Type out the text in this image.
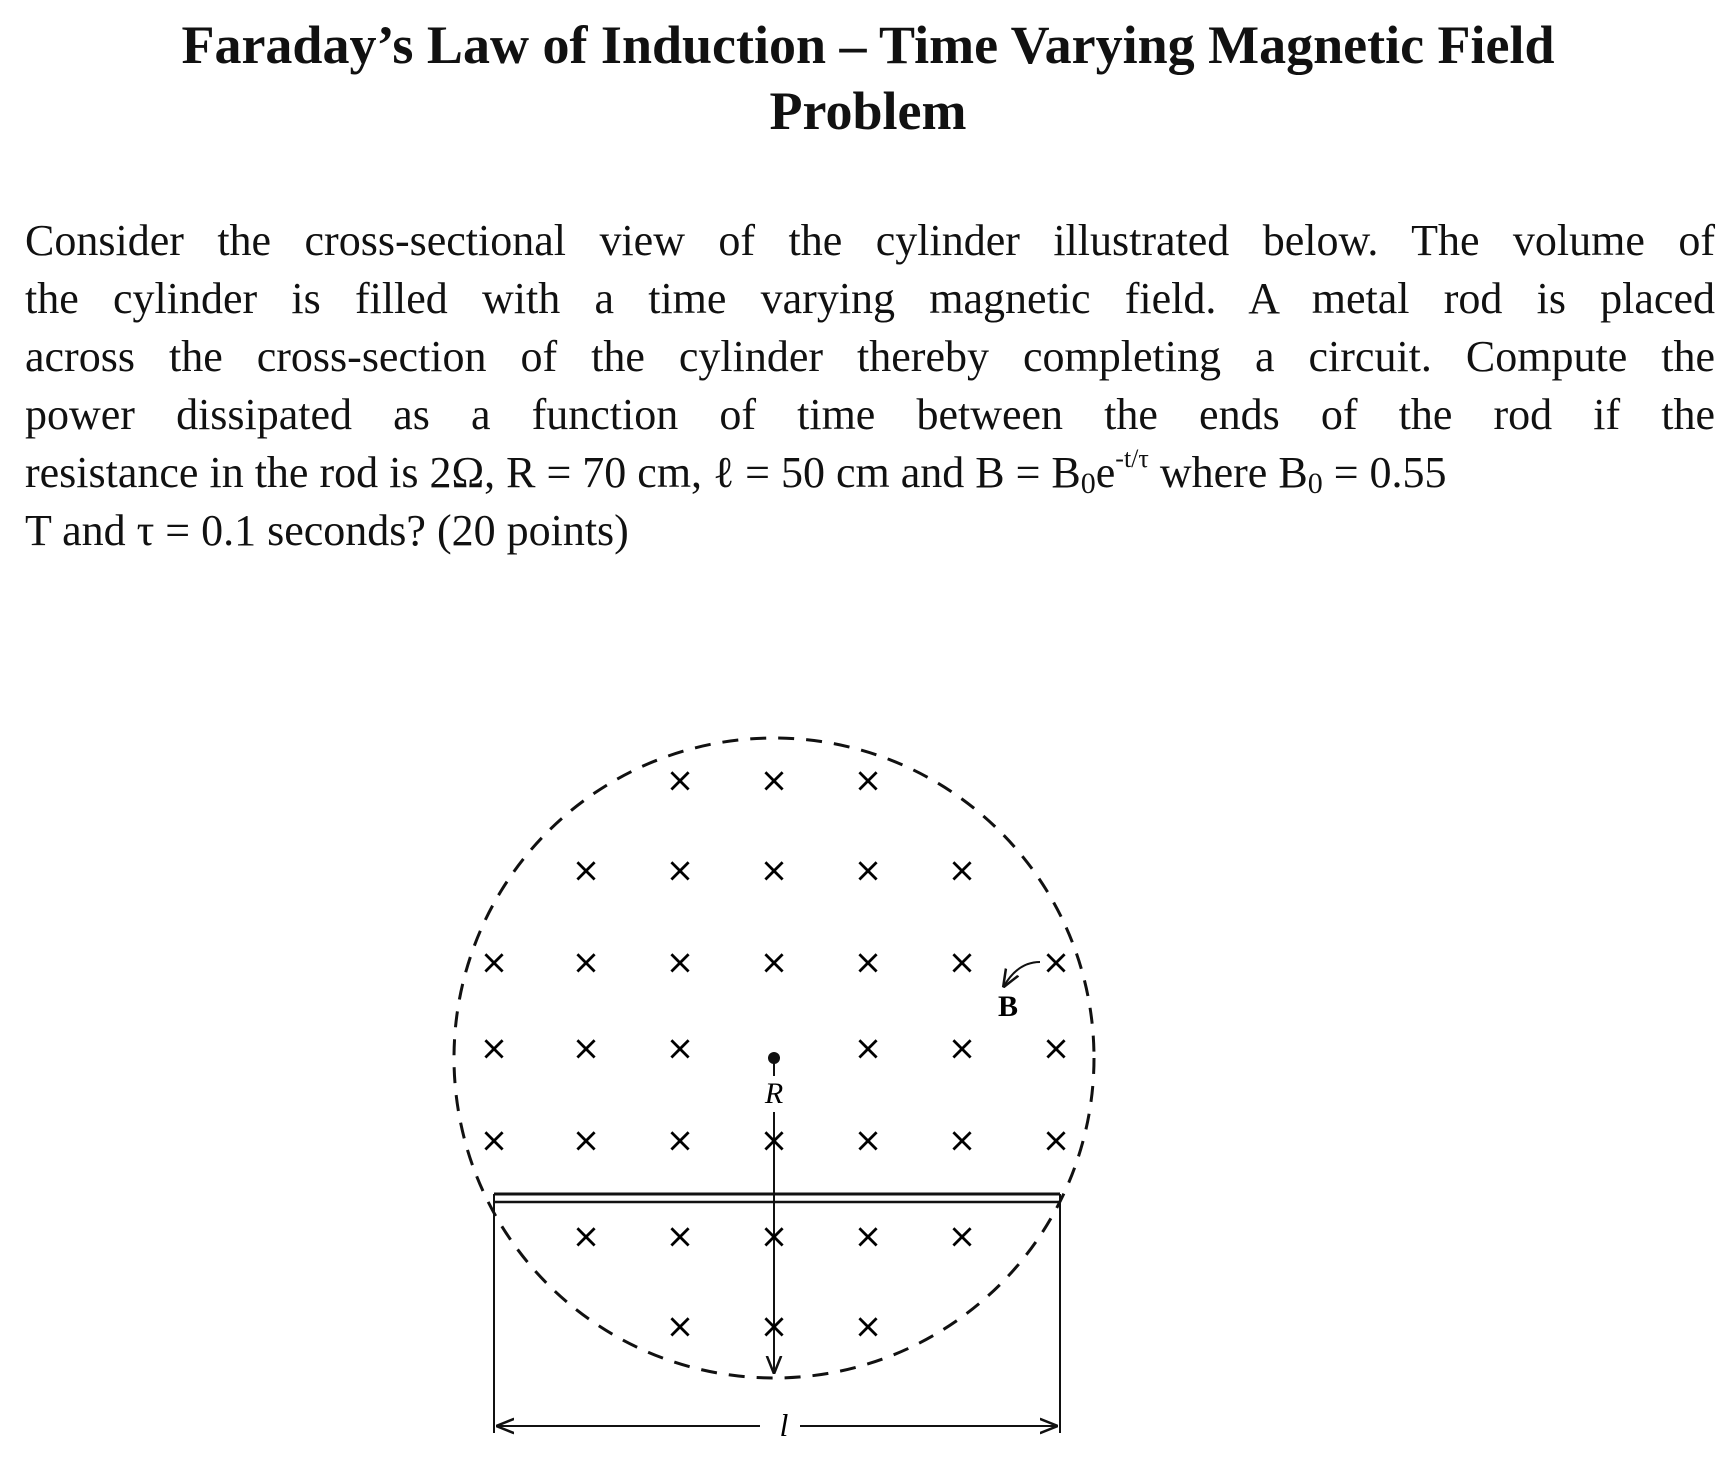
Faraday’s Law of Induction – Time Varying Magnetic Field
Problem
Consider the cross-sectional view of the cylinder illustrated below. The volume of
the cylinder is filled with a time varying magnetic field. A metal rod is placed
across the cross-section of the cylinder thereby completing a circuit. Compute the
power dissipated as a function of time between the ends of the rod if the
resistance in the rod is 2Ω, R = 70 cm, ℓ = 50 cm and $B = B_0e^{-t/\tau}$ where $B_0 = 0.55$
T and τ = 0.1 seconds? (20 points)
× × ×
× × × × ×
× × × × × × ×
× × ×	× × ×
× × × × × × ×
× × × × ×
× × ×
B
R
l
